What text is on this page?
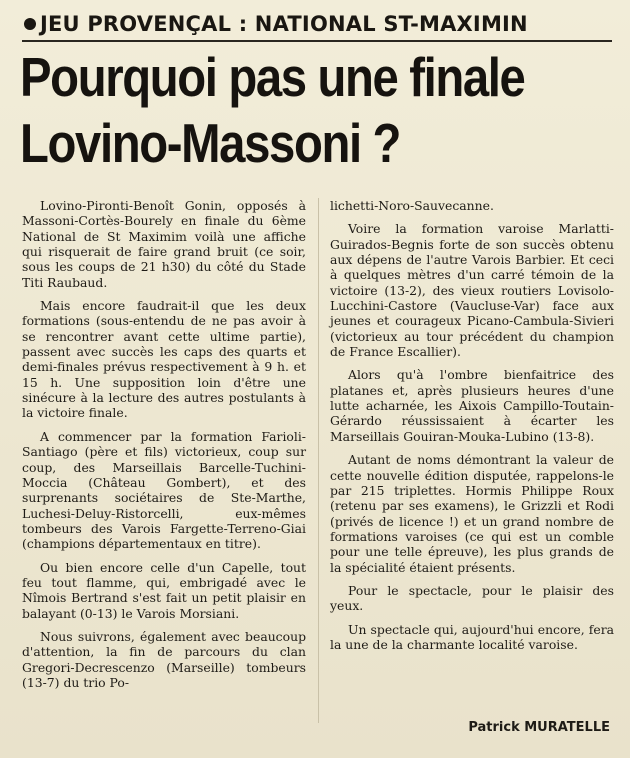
JEU PROVENÇAL : NATIONAL ST-MAXIMIN
Pourquoi pas une finale
Lovino-Massoni ?

Lovino-Pironti-Benoît Gonin, opposés à Massoni-Cortès-Bourely en finale du 6ème National de St Maximim voilà une affiche qui risquerait de faire grand bruit (ce soir, sous les coups de 21 h30) du côté du Stade Titi Raubaud.

Mais encore faudrait-il que les deux formations (sous-entendu de ne pas avoir à se rencontrer avant cette ultime partie), passent avec succès les caps des quarts et demi-finales prévus respectivement à 9 h. et 15 h. Une supposition loin d'être une sinécure à la lecture des autres postulants à la victoire finale.

A commencer par la formation Farioli-Santiago (père et fils) victorieux, coup sur coup, des Marseillais Barcelle-Tuchini-Moccia (Château Gombert), et des surprenants sociétaires de Ste-Marthe, Luchesi-Deluy-Ristorcelli, eux-mêmes tombeurs des Varois Fargette-Terreno-Giai (champions départementaux en titre).

Ou bien encore celle d'un Capelle, tout feu tout flamme, qui, embrigadé avec le Nîmois Bertrand s'est fait un petit plaisir en balayant (0-13) le Varois Morsiani.

Nous suivrons, également avec beaucoup d'attention, la fin de parcours du clan Gregori-Decrescenzo (Marseille) tombeurs (13-7) du trio Po-

lichetti-Noro-Sauvecanne.

Voire la formation varoise Marlatti-Guirados-Begnis forte de son succès obtenu aux dépens de l'autre Varois Barbier. Et ceci à quelques mètres d'un carré témoin de la victoire (13-2), des vieux routiers Lovisolo-Lucchini-Castore (Vaucluse-Var) face aux jeunes et courageux Picano-Cambula-Sivieri (victorieux au tour précédent du champion de France Escallier).

Alors qu'à l'ombre bienfaitrice des platanes et, après plusieurs heures d'une lutte acharnée, les Aixois Campillo-Toutain-Gérardo réussissaient à écarter les Marseillais Gouiran-Mouka-Lubino (13-8).

Autant de noms démontrant la valeur de cette nouvelle édition disputée, rappelons-le par 215 triplettes. Hormis Philippe Roux (retenu par ses examens), le Grizzli et Rodi (privés de licence !) et un grand nombre de formations varoises (ce qui est un comble pour une telle épreuve), les plus grands de la spécialité étaient présents.

Pour le spectacle, pour le plaisir des yeux.

Un spectacle qui, aujourd'hui encore, fera la une de la charmante localité varoise.

Patrick MURATELLE
